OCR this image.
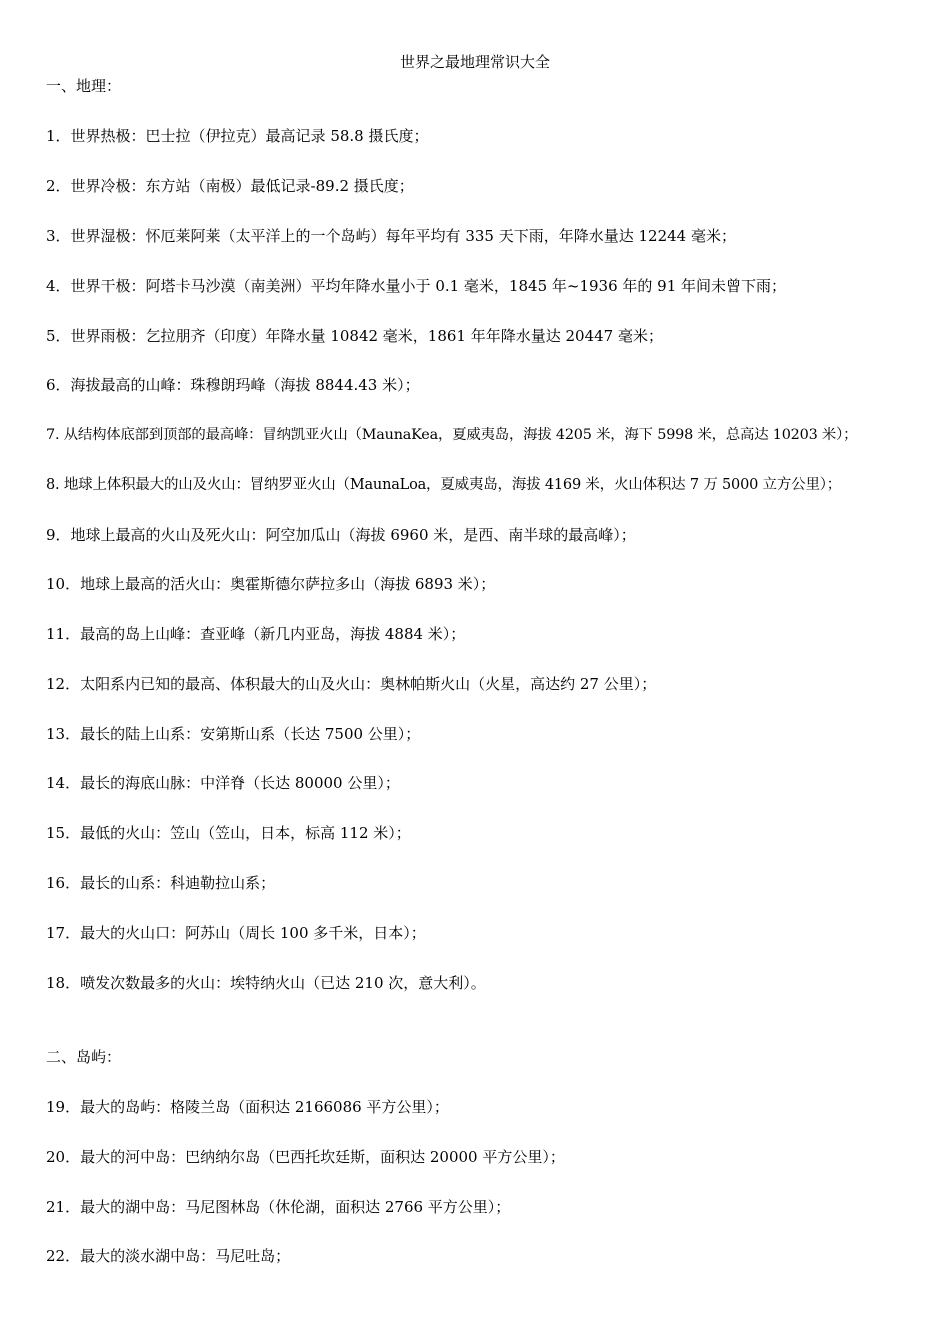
世界之最地理常识大全
一、地理：
1．世界热极：巴士拉（伊拉克）最高记录 58.8 摄氏度；
2．世界冷极：东方站（南极）最低记录-89.2 摄氏度；
3．世界湿极：怀厄莱阿莱（太平洋上的一个岛屿）每年平均有 335 天下雨，年降水量达 12244 毫米；
4．世界干极：阿塔卡马沙漠（南美洲）平均年降水量小于 0.1 毫米，1845 年~1936 年的 91 年间未曾下雨；
5．世界雨极：乞拉朋齐（印度）年降水量 10842 毫米，1861 年年降水量达 20447 毫米；
6．海拔最高的山峰：珠穆朗玛峰（海拔 8844.43 米）；
7. 从结构体底部到顶部的最高峰：冒纳凯亚火山（MaunaKea，夏威夷岛，海拔 4205 米，海下 5998 米，总高达 10203 米）；
8. 地球上体积最大的山及火山：冒纳罗亚火山（MaunaLoa，夏威夷岛，海拔 4169 米，火山体积达 7 万 5000 立方公里）；
9．地球上最高的火山及死火山：阿空加瓜山（海拔 6960 米，是西、南半球的最高峰）；
10．地球上最高的活火山：奥霍斯德尔萨拉多山（海拔 6893 米）；
11．最高的岛上山峰：查亚峰（新几内亚岛，海拔 4884 米）；
12．太阳系内已知的最高、体积最大的山及火山：奥林帕斯火山（火星，高达约 27 公里）；
13．最长的陆上山系：安第斯山系（长达 7500 公里）；
14．最长的海底山脉：中洋脊（长达 80000 公里）；
15．最低的火山：笠山（笠山，日本，标高 112 米）；
16．最长的山系：科迪勒拉山系；
17．最大的火山口：阿苏山（周长 100 多千米，日本）；
18．喷发次数最多的火山：埃特纳火山（已达 210 次，意大利）。
二、岛屿：
19．最大的岛屿：格陵兰岛（面积达 2166086 平方公里）；
20．最大的河中岛：巴纳纳尔岛（巴西托坎廷斯，面积达 20000 平方公里）；
21．最大的湖中岛：马尼图林岛（休伦湖，面积达 2766 平方公里）；
22．最大的淡水湖中岛：马尼吐岛；
